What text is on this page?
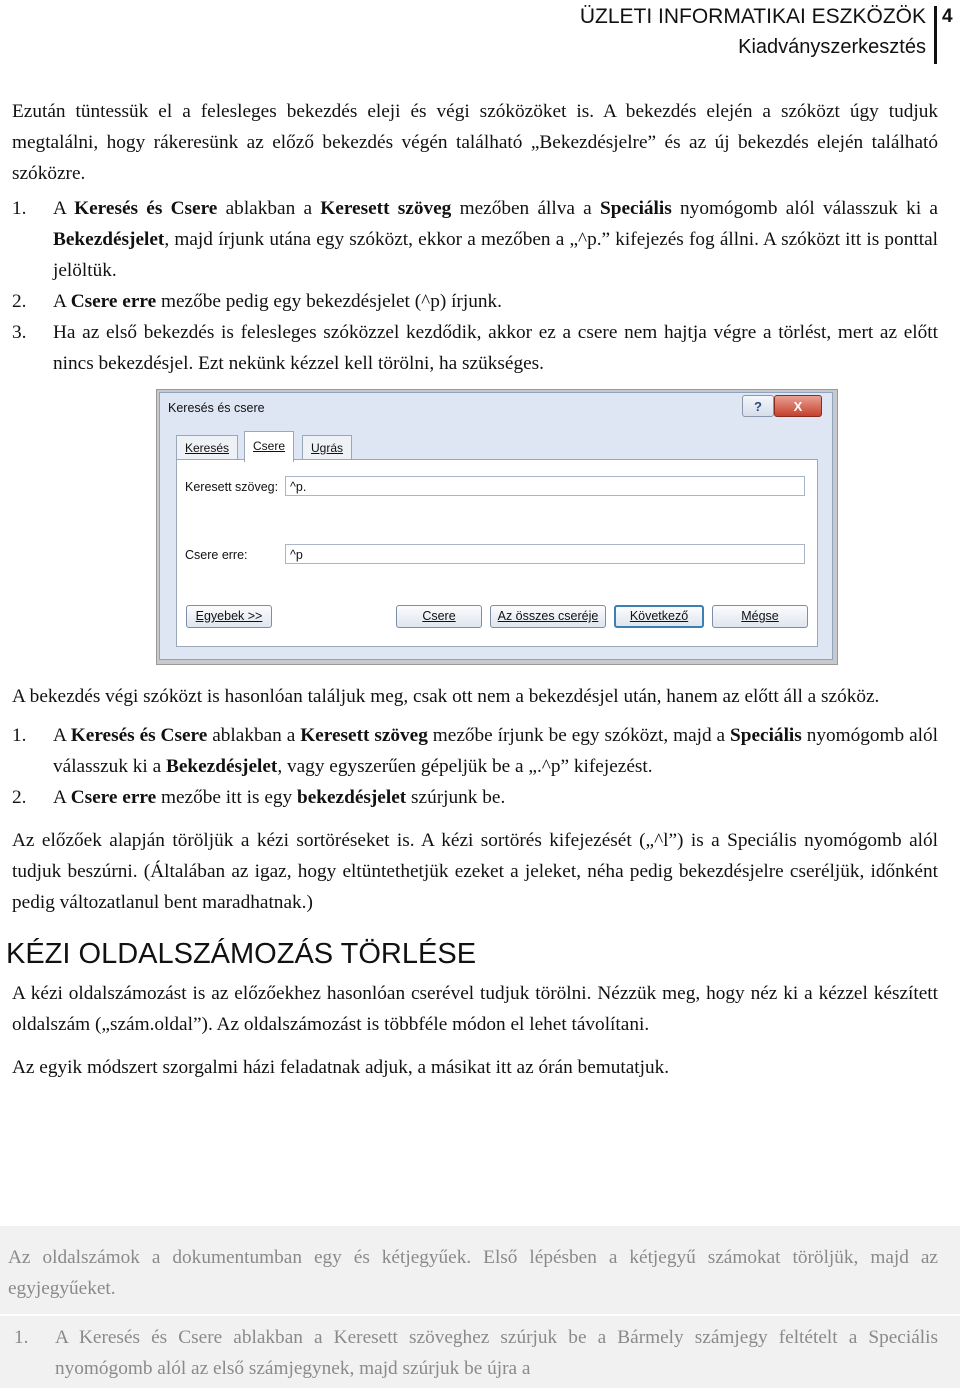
ÜZLETI INFORMATIKAI ESZKÖZÖK
Kiadványszerkesztés
4

Ezután tüntessük el a felesleges bekezdés eleji és végi szóközöket is. A bekezdés elején a szóközt úgy tudjuk megtalálni, hogy rákeresünk az előző bekezdés végén található „Bekezdésjelre” és az új bekezdés elején található szóközre.

1. A Keresés és Csere ablakban a Keresett szöveg mezőben állva a Speciális nyomógomb alól válasszuk ki a Bekezdésjelet, majd írjunk utána egy szóközt, ekkor a mezőben a „^p.” kifejezés fog állni. A szóközt itt is ponttal jelöltük.

2. A Csere erre mezőbe pedig egy bekezdésjelet (^p) írjunk.

3. Ha az első bekezdés is felesleges szóközzel kezdődik, akkor ez a csere nem hajtja végre a törlést, mert az előtt nincs bekezdésjel. Ezt nekünk kézzel kell törölni, ha szükséges.

Keresés és csere	?	X
Keresés	Csere	Ugrás
Keresett szöveg: ^p.
Csere erre:	^p
Egyebek >>	Csere	Az összes cseréje	Következő	Mégse

A bekezdés végi szóközt is hasonlóan találjuk meg, csak ott nem a bekezdésjel után, hanem az előtt áll a szóköz.

1. A Keresés és Csere ablakban a Keresett szöveg mezőbe írjunk be egy szóközt, majd a Speciális nyomógomb alól válasszuk ki a Bekezdésjelet, vagy egyszerűen gépeljük be a „.^p” kifejezést.

2. A Csere erre mezőbe itt is egy bekezdésjelet szúrjunk be.

Az előzőek alapján töröljük a kézi sortöréseket is. A kézi sortörés kifejezését („^l”) is a Speciális nyomógomb alól tudjuk beszúrni. (Általában az igaz, hogy eltüntethetjük ezeket a jeleket, néha pedig bekezdésjelre cseréljük, időnként pedig változatlanul bent maradhatnak.)

KÉZI OLDALSZÁMOZÁS TÖRLÉSE

A kézi oldalszámozást is az előzőekhez hasonlóan cserével tudjuk törölni. Nézzük meg, hogy néz ki a kézzel készített oldalszám („szám.oldal”). Az oldalszámozást is többféle módon el lehet távolítani.

Az egyik módszert szorgalmi házi feladatnak adjuk, a másikat itt az órán bemutatjuk.

Az oldalszámok a dokumentumban egy és kétjegyűek. Első lépésben a kétjegyű számokat töröljük, majd az egyjegyűeket.

1. A Keresés és Csere ablakban a Keresett szöveghez szúrjuk be a Bármely számjegy feltételt a Speciális nyomógomb alól az első számjegynek, majd szúrjuk be újra a
